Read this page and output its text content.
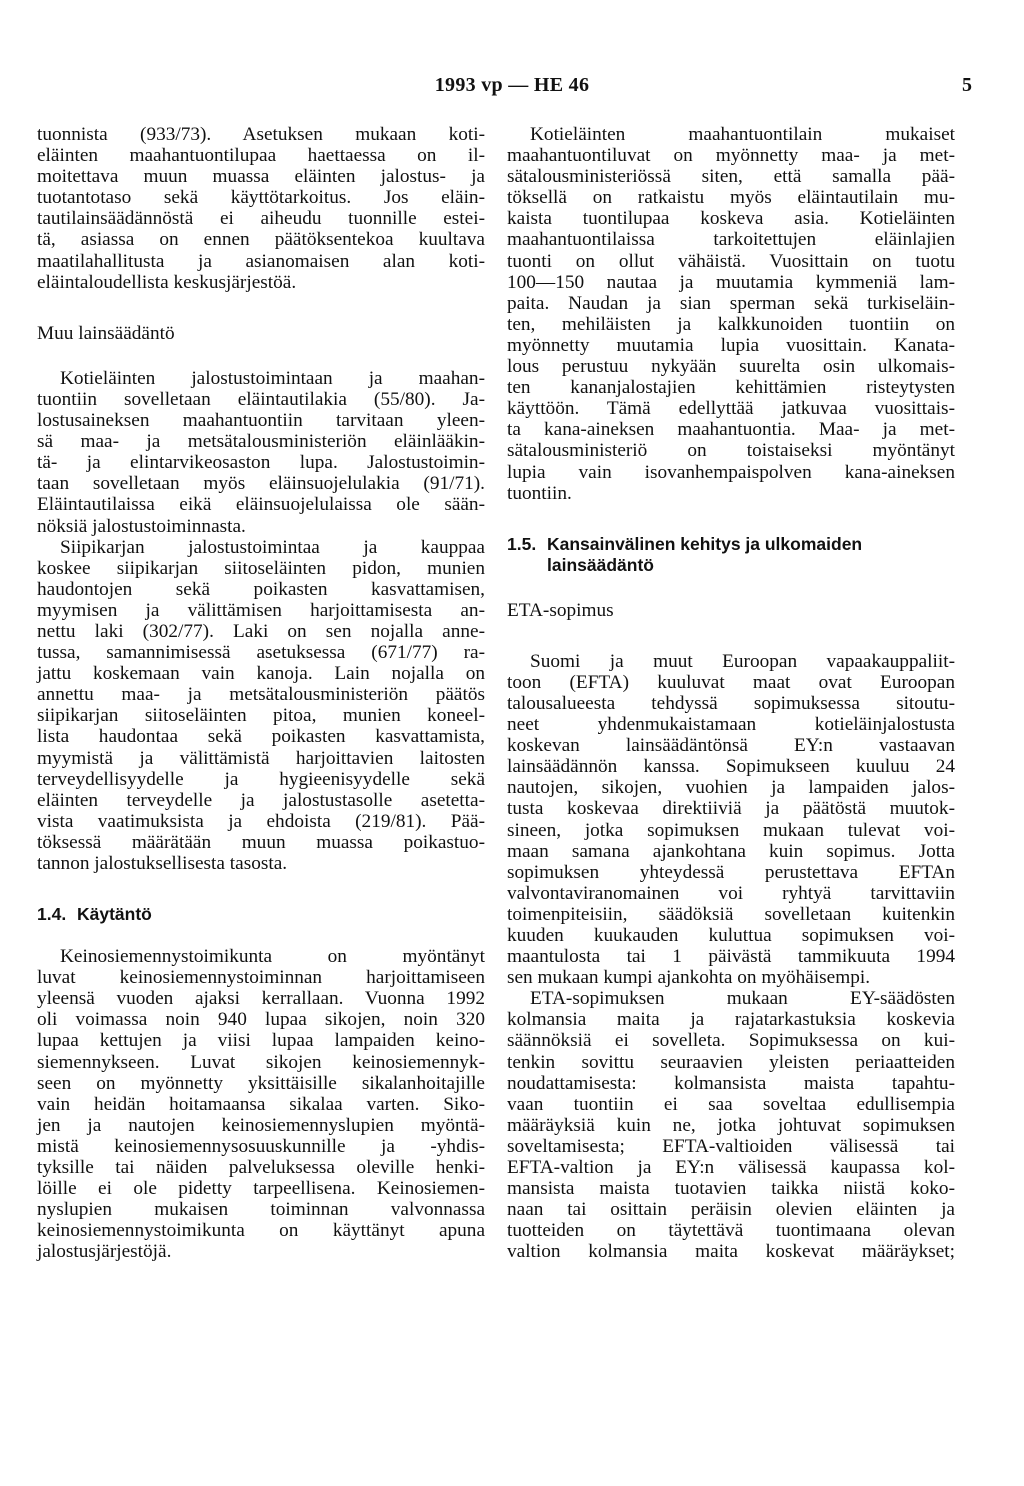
1993 vp — HE 46	5

tuonnista (933/73). Asetuksen mukaan koti-

eläinten maahantuontilupaa haettaessa on il-

moitettava muun muassa eläinten jalostus- ja

tuotantotaso sekä käyttötarkoitus. Jos eläin-

tautilainsäädännöstä ei aiheudu tuonnille estei-

tä, asiassa on ennen päätöksentekoa kuultava

maatilahallitusta ja asianomaisen alan koti-

eläintaloudellista keskusjärjestöä.

Muu lainsäädäntö

Kotieläinten jalostustoimintaan ja maahan-

tuontiin sovelletaan eläintautilakia (55/80). Ja-

lostusaineksen maahantuontiin tarvitaan yleen-

sä maa- ja metsätalousministeriön eläinlääkin-

tä- ja elintarvikeosaston lupa. Jalostustoimin-

taan sovelletaan myös eläinsuojelulakia (91/71).

Eläintautilaissa eikä eläinsuojelulaissa ole sään-

nöksiä jalostustoiminnasta.

Siipikarjan jalostustoimintaa ja kauppaa

koskee siipikarjan siitoseläinten pidon, munien

haudontojen sekä poikasten kasvattamisen,

myymisen ja välittämisen harjoittamisesta an-

nettu laki (302/77). Laki on sen nojalla anne-

tussa, samannimisessä asetuksessa (671/77) ra-

jattu koskemaan vain kanoja. Lain nojalla on

annettu maa- ja metsätalousministeriön päätös

siipikarjan siitoseläinten pitoa, munien koneel-

lista haudontaa sekä poikasten kasvattamista,

myymistä ja välittämistä harjoittavien laitosten

terveydellisyydelle ja hygieenisyydelle sekä

eläinten terveydelle ja jalostustasolle asetetta-

vista vaatimuksista ja ehdoista (219/81). Pää-

töksessä määrätään muun muassa poikastuo-

tannon jalostuksellisesta tasosta.

1.4. Käytäntö

Keinosiemennystoimikunta on myöntänyt

luvat keinosiemennystoiminnan harjoittamiseen

yleensä vuoden ajaksi kerrallaan. Vuonna 1992

oli voimassa noin 940 lupaa sikojen, noin 320

lupaa kettujen ja viisi lupaa lampaiden keino-

siemennykseen. Luvat sikojen keinosiemennyk-

seen on myönnetty yksittäisille sikalanhoitajille

vain heidän hoitamaansa sikalaa varten. Siko-

jen ja nautojen keinosiemennyslupien myöntä-

mistä keinosiemennysosuuskunnille ja -yhdis-

tyksille tai näiden palveluksessa oleville henki-

löille ei ole pidetty tarpeellisena. Keinosiemen-

nyslupien mukaisen toiminnan valvonnassa

keinosiemennystoimikunta on käyttänyt apuna

jalostusjärjestöjä.

Kotieläinten maahantuontilain mukaiset

maahantuontiluvat on myönnetty maa- ja met-

sätalousministeriössä siten, että samalla pää-

töksellä on ratkaistu myös eläintautilain mu-

kaista tuontilupaa koskeva asia. Kotieläinten

maahantuontilaissa tarkoitettujen eläinlajien

tuonti on ollut vähäistä. Vuosittain on tuotu

100—150 nautaa ja muutamia kymmeniä lam-

paita. Naudan ja sian sperman sekä turkiseläin-

ten, mehiläisten ja kalkkunoiden tuontiin on

myönnetty muutamia lupia vuosittain. Kanata-

lous perustuu nykyään suurelta osin ulkomais-

ten kananjalostajien kehittämien risteytysten

käyttöön. Tämä edellyttää jatkuvaa vuosittais-

ta kana-aineksen maahantuontia. Maa- ja met-

sätalousministeriö on toistaiseksi myöntänyt

lupia vain isovanhempaispolven kana-aineksen

tuontiin.

1.5. Kansainvälinen kehitys ja ulkomaiden
lainsäädäntö

ETA-sopimus

Suomi ja muut Euroopan vapaakauppaliit-

toon (EFTA) kuuluvat maat ovat Euroopan

talousalueesta tehdyssä sopimuksessa sitoutu-

neet yhdenmukaistamaan kotieläinjalostusta

koskevan lainsäädäntönsä EY:n vastaavan

lainsäädännön kanssa. Sopimukseen kuuluu 24

nautojen, sikojen, vuohien ja lampaiden jalos-

tusta koskevaa direktiiviä ja päätöstä muutok-

sineen, jotka sopimuksen mukaan tulevat voi-

maan samana ajankohtana kuin sopimus. Jotta

sopimuksen yhteydessä perustettava EFTAn

valvontaviranomainen voi ryhtyä tarvittaviin

toimenpiteisiin, säädöksiä sovelletaan kuitenkin

kuuden kuukauden kuluttua sopimuksen voi-

maantulosta tai 1 päivästä tammikuuta 1994

sen mukaan kumpi ajankohta on myöhäisempi.

ETA-sopimuksen mukaan EY-säädösten

kolmansia maita ja rajatarkastuksia koskevia

säännöksiä ei sovelleta. Sopimuksessa on kui-

tenkin sovittu seuraavien yleisten periaatteiden

noudattamisesta: kolmansista maista tapahtu-

vaan tuontiin ei saa soveltaa edullisempia

määräyksiä kuin ne, jotka johtuvat sopimuksen

soveltamisesta; EFTA-valtioiden välisessä tai

EFTA-valtion ja EY:n välisessä kaupassa kol-

mansista maista tuotavien taikka niistä koko-

naan tai osittain peräisin olevien eläinten ja

tuotteiden on täytettävä tuontimaana olevan

valtion kolmansia maita koskevat määräykset;
